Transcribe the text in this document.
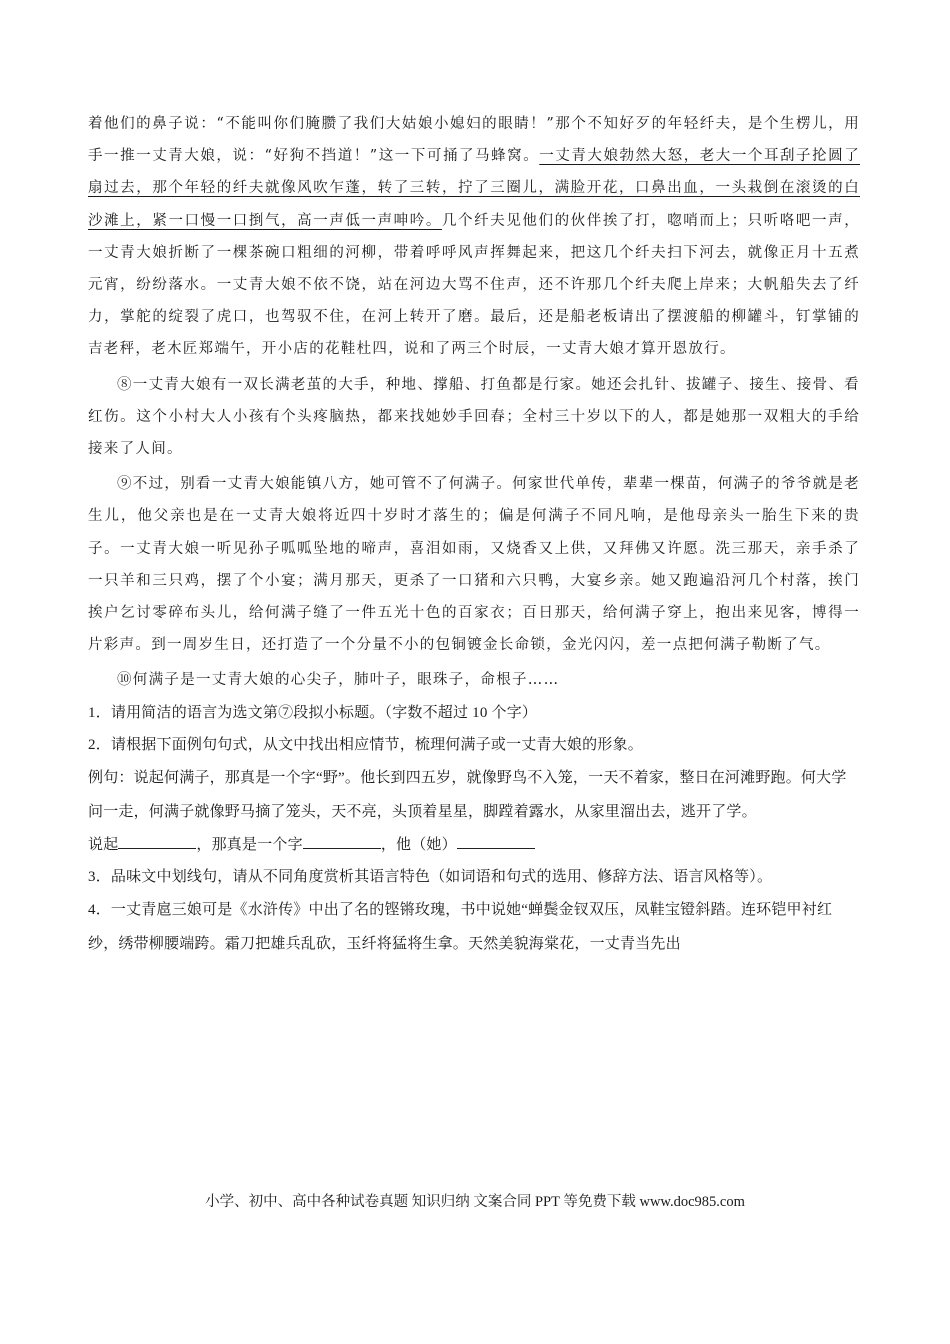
着他们的鼻子说：“不能叫你们腌臜了我们大姑娘小媳妇的眼睛！”那个不知好歹的年轻纤夫，是个生楞儿，用手一推一丈青大娘，说：“好狗不挡道！”这一下可捅了马蜂窝。一丈青大娘勃然大怒，老大一个耳刮子抡圆了扇过去，那个年轻的纤夫就像风吹乍蓬，转了三转，拧了三圈儿，满脸开花，口鼻出血，一头栽倒在滚烫的白沙滩上，紧一口慢一口捯气，高一声低一声呻吟。几个纤夫见他们的伙伴挨了打，唿哨而上；只听咯吧一声，一丈青大娘折断了一棵茶碗口粗细的河柳，带着呼呼风声挥舞起来，把这几个纤夫扫下河去，就像正月十五煮元宵，纷纷落水。一丈青大娘不依不饶，站在河边大骂不住声，还不许那几个纤夫爬上岸来；大帆船失去了纤力，掌舵的绽裂了虎口，也驾驭不住，在河上转开了磨。最后，还是船老板请出了摆渡船的柳罐斗，钉掌铺的吉老秤，老木匠郑端午，开小店的花鞋杜四，说和了两三个时辰，一丈青大娘才算开恩放行。

⑧一丈青大娘有一双长满老茧的大手，种地、撑船、打鱼都是行家。她还会扎针、拔罐子、接生、接骨、看红伤。这个小村大人小孩有个头疼脑热，都来找她妙手回春；全村三十岁以下的人，都是她那一双粗大的手给接来了人间。

⑨不过，别看一丈青大娘能镇八方，她可管不了何满子。何家世代单传，辈辈一棵苗，何满子的爷爷就是老生儿，他父亲也是在一丈青大娘将近四十岁时才落生的；偏是何满子不同凡响，是他母亲头一胎生下来的贵子。一丈青大娘一听见孙子呱呱坠地的啼声，喜泪如雨，又烧香又上供，又拜佛又许愿。洗三那天，亲手杀了一只羊和三只鸡，摆了个小宴；满月那天，更杀了一口猪和六只鸭，大宴乡亲。她又跑遍沿河几个村落，挨门挨户乞讨零碎布头儿，给何满子缝了一件五光十色的百家衣；百日那天，给何满子穿上，抱出来见客，博得一片彩声。到一周岁生日，还打造了一个分量不小的包铜镀金长命锁，金光闪闪，差一点把何满子勒断了气。

⑩何满子是一丈青大娘的心尖子，肺叶子，眼珠子，命根子……

1．请用简洁的语言为选文第⑦段拟小标题。（字数不超过 10 个字）

2．请根据下面例句句式，从文中找出相应情节，梳理何满子或一丈青大娘的形象。

例句：说起何满子，那真是一个字“野”。他长到四五岁，就像野鸟不入笼，一天不着家，整日在河滩野跑。何大学问一走，何满子就像野马摘了笼头，天不亮，头顶着星星，脚蹚着露水，从家里溜出去，逃开了学。

说起	，那真是一个字	，他（她）

3．品味文中划线句，请从不同角度赏析其语言特色（如词语和句式的选用、修辞方法、语言风格等）。

4．一丈青扈三娘可是《水浒传》中出了名的铿锵玫瑰，书中说她“蝉鬓金钗双压，凤鞋宝镫斜踏。连环铠甲衬红纱，绣带柳腰端跨。霜刀把雄兵乱砍，玉纤将猛将生拿。天然美貌海棠花，一丈青当先出

小学、初中、高中各种试卷真题 知识归纳 文案合同 PPT 等免费下载 www.doc985.com
